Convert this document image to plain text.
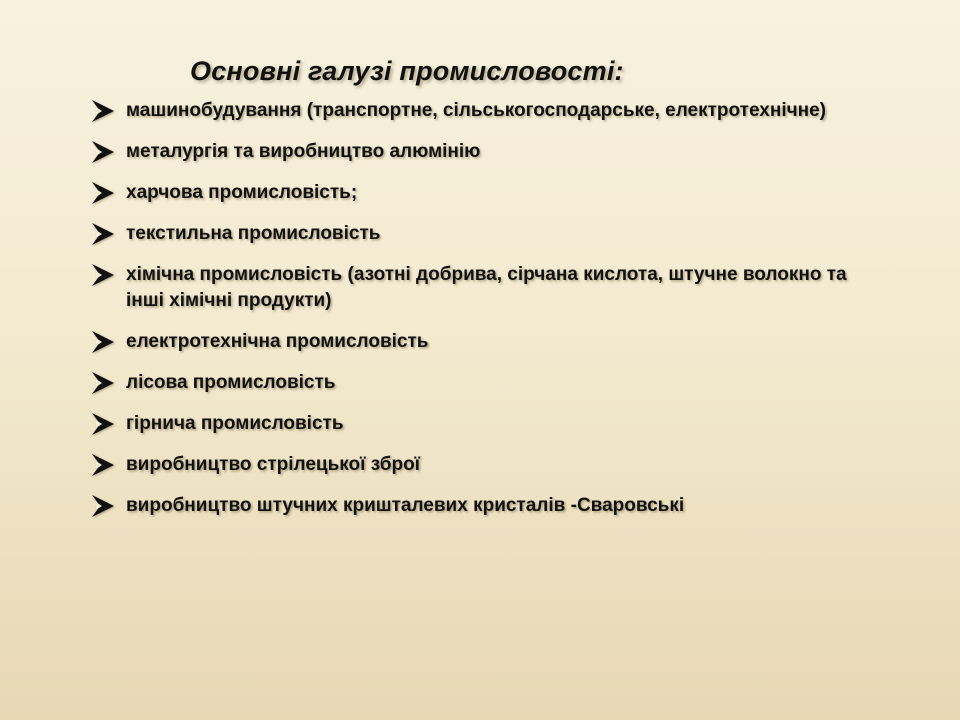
Основні галузі промисловості:
машинобудування (транспортне, сільськогосподарське, електротехнічне)
металургія та виробництво алюмінію
харчова промисловість;
текстильна промисловість
хімічна промисловість (азотні добрива, сірчана кислота, штучне волокно та інші хімічні продукти)
електротехнічна промисловість
лісова промисловість
гірнича промисловість
виробництво стрілецької зброї
виробництво штучних кришталевих кристалів -Сваровські
